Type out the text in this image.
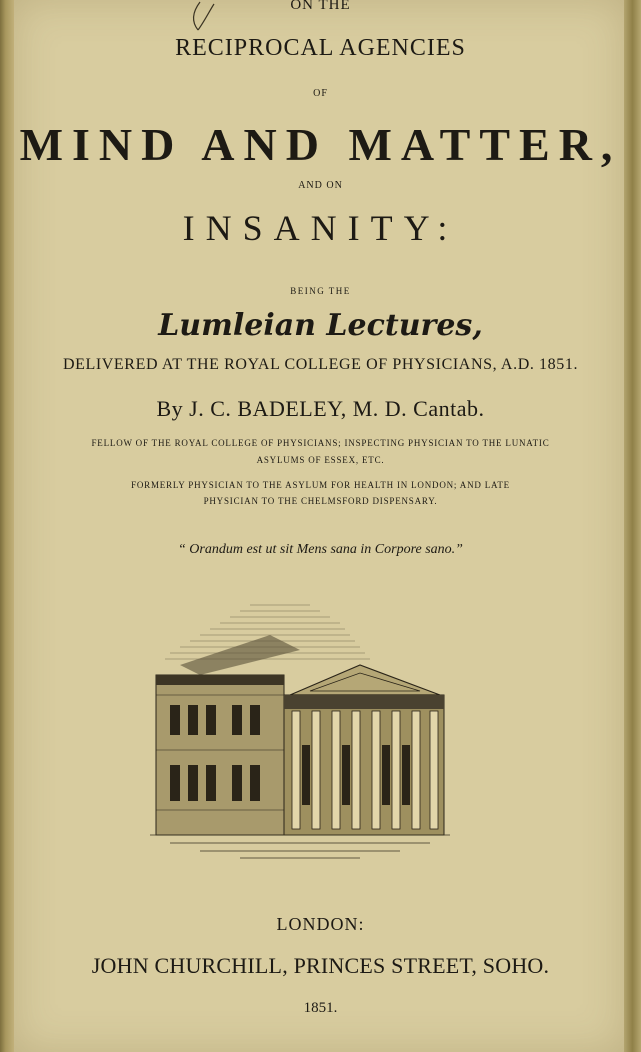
ON THE
RECIPROCAL AGENCIES
OF
MIND AND MATTER,
AND ON
INSANITY:
BEING THE
Lumleian Lectures,
DELIVERED AT THE ROYAL COLLEGE OF PHYSICIANS, A.D. 1851.
By J. C. BADELEY, M. D. Cantab.
FELLOW OF THE ROYAL COLLEGE OF PHYSICIANS; INSPECTING PHYSICIAN TO THE LUNATIC
ASYLUMS OF ESSEX, ETC.
FORMERLY PHYSICIAN TO THE ASYLUM FOR HEALTH IN LONDON; AND LATE
PHYSICIAN TO THE CHELMSFORD DISPENSARY.
“ Orandum est ut sit Mens sana in Corpore sano.”
LONDON:
JOHN CHURCHILL, PRINCES STREET, SOHO.
1851.
